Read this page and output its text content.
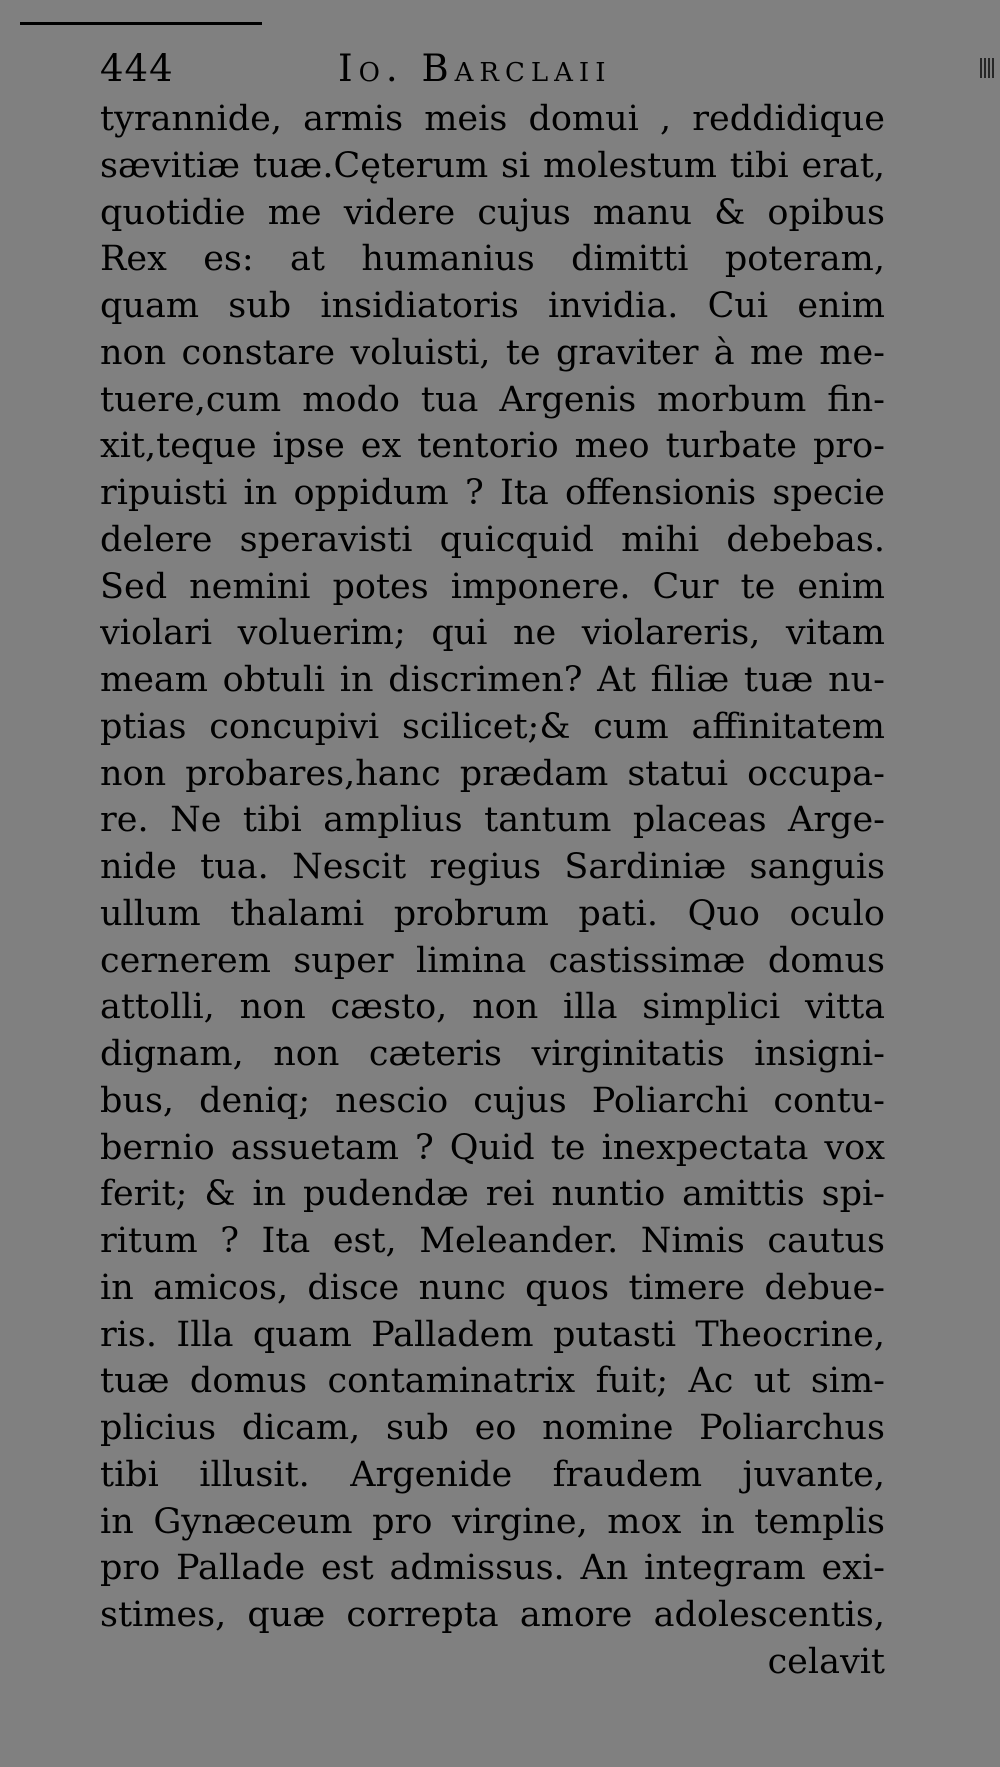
444	Io. Barclaii
tyrannide, armis meis domui , reddidique
sævitiæ tuæ.Cęterum si molestum tibi erat,
quotidie me videre cujus manu & opibus
Rex es: at humanius dimitti poteram,
quam sub insidiatoris invidia. Cui enim
non constare voluisti, te graviter à me me-
tuere,cum modo tua Argenis morbum fin-
xit,teque ipse ex tentorio meo turbate pro-
ripuisti in oppidum ? Ita offensionis specie
delere speravisti quicquid mihi debebas.
Sed nemini potes imponere. Cur te enim
violari voluerim; qui ne violareris, vitam
meam obtuli in discrimen? At filiæ tuæ nu-
ptias concupivi scilicet;& cum affinitatem
non probares,hanc prædam statui occupa-
re. Ne tibi amplius tantum placeas Arge-
nide tua. Nescit regius Sardiniæ sanguis
ullum thalami probrum pati. Quo oculo
cernerem super limina castissimæ domus
attolli, non cæsto, non illa simplici vitta
dignam, non cæteris virginitatis insigni-
bus, deniq; nescio cujus Poliarchi contu-
bernio assuetam ? Quid te inexpectata vox
ferit; & in pudendæ rei nuntio amittis spi-
ritum ? Ita est, Meleander. Nimis cautus
in amicos, disce nunc quos timere debue-
ris. Illa quam Palladem putasti Theocrine,
tuæ domus contaminatrix fuit; Ac ut sim-
plicius dicam, sub eo nomine Poliarchus
tibi illusit. Argenide fraudem juvante,
in Gynæceum pro virgine, mox in templis
pro Pallade est admissus. An integram exi-
stimes, quæ correpta amore adolescentis,
celavit
